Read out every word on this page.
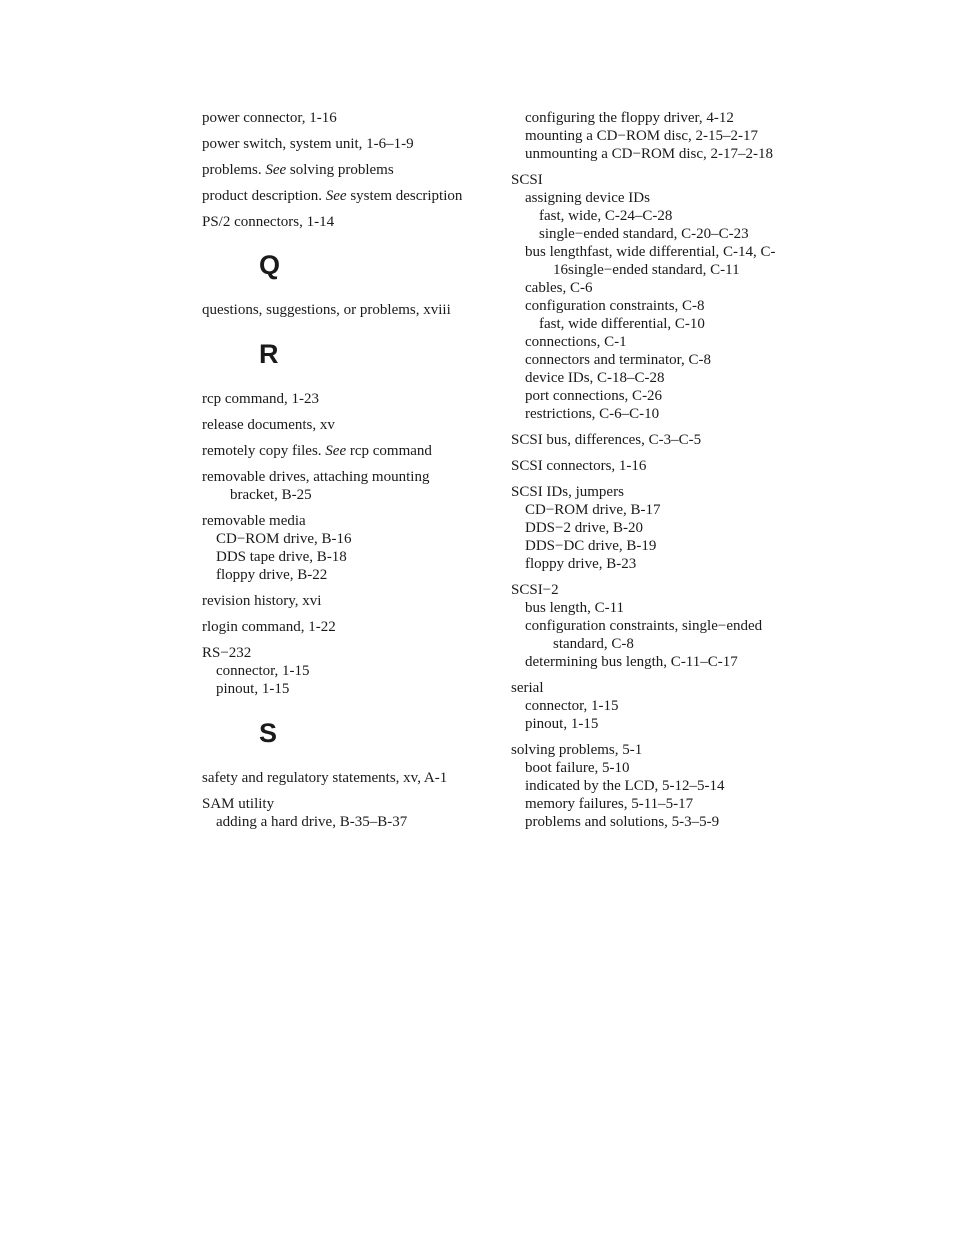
power connector, 1-16
power switch, system unit, 1-6–1-9
problems. See solving problems
product description. See system description
PS/2 connectors, 1-14
Q
questions, suggestions, or problems, xviii
R
rcp command, 1-23
release documents, xv
remotely copy files. See rcp command
removable drives, attaching mounting bracket, B-25
removable media
CD−ROM drive, B-16
DDS tape drive, B-18
floppy drive, B-22
revision history, xvi
rlogin command, 1-22
RS−232
connector, 1-15
pinout, 1-15
S
safety and regulatory statements, xv, A-1
SAM utility
adding a hard drive, B-35–B-37
configuring the floppy driver, 4-12
mounting a CD−ROM disc, 2-15–2-17
unmounting a CD−ROM disc, 2-17–2-18
SCSI
assigning device IDs
fast, wide, C-24–C-28
single−ended standard, C-20–C-23
bus lengthfast, wide differential, C-14, C-16single−ended standard, C-11
cables, C-6
configuration constraints, C-8
fast, wide differential, C-10
connections, C-1
connectors and terminator, C-8
device IDs, C-18–C-28
port connections, C-26
restrictions, C-6–C-10
SCSI bus, differences, C-3–C-5
SCSI connectors, 1-16
SCSI IDs, jumpers
CD−ROM drive, B-17
DDS−2 drive, B-20
DDS−DC drive, B-19
floppy drive, B-23
SCSI−2
bus length, C-11
configuration constraints, single−ended standard, C-8
determining bus length, C-11–C-17
serial
connector, 1-15
pinout, 1-15
solving problems, 5-1
boot failure, 5-10
indicated by the LCD, 5-12–5-14
memory failures, 5-11–5-17
problems and solutions, 5-3–5-9
